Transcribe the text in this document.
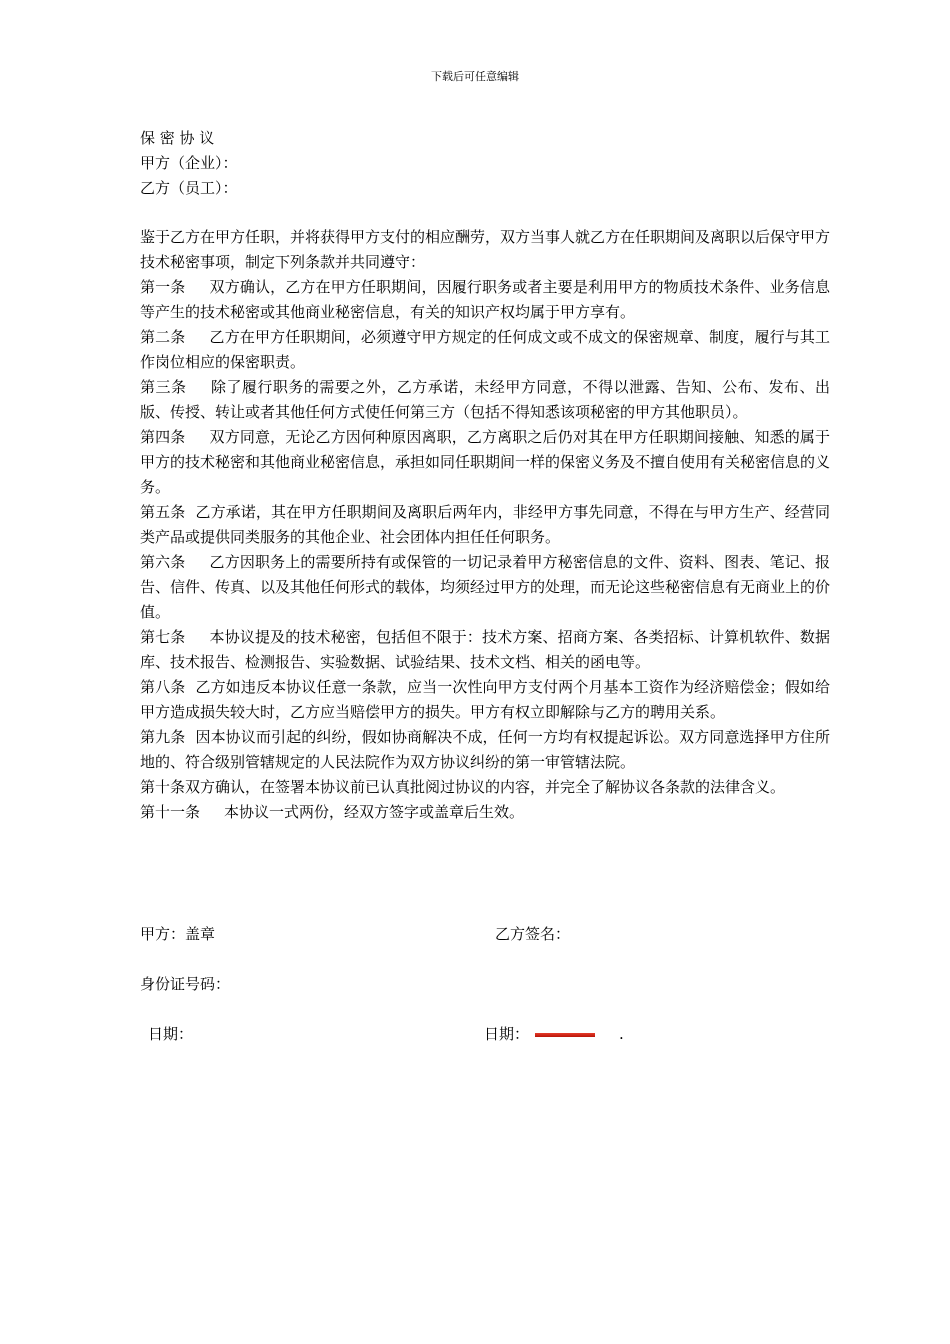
下载后可任意编辑
保 密 协 议
甲方（企业）：
乙方（员工）：
鉴于乙方在甲方任职，并将获得甲方支付的相应酬劳，双方当事人就乙方在任职期间及离职以后保守甲方技术秘密事项，制定下列条款并共同遵守：
第一条 双方确认，乙方在甲方任职期间，因履行职务或者主要是利用甲方的物质技术条件、业务信息等产生的技术秘密或其他商业秘密信息，有关的知识产权均属于甲方享有。
第二条 乙方在甲方任职期间，必须遵守甲方规定的任何成文或不成文的保密规章、制度，履行与其工作岗位相应的保密职责。
第三条 除了履行职务的需要之外，乙方承诺，未经甲方同意，不得以泄露、告知、公布、发布、出版、传授、转让或者其他任何方式使任何第三方（包括不得知悉该项秘密的甲方其他职员）。
第四条 双方同意，无论乙方因何种原因离职，乙方离职之后仍对其在甲方任职期间接触、知悉的属于甲方的技术秘密和其他商业秘密信息，承担如同任职期间一样的保密义务及不擅自使用有关秘密信息的义务。
第五条 乙方承诺，其在甲方任职期间及离职后两年内，非经甲方事先同意，不得在与甲方生产、经营同类产品或提供同类服务的其他企业、社会团体内担任任何职务。
第六条 乙方因职务上的需要所持有或保管的一切记录着甲方秘密信息的文件、资料、图表、笔记、报告、信件、传真、以及其他任何形式的载体，均须经过甲方的处理，而无论这些秘密信息有无商业上的价值。
第七条 本协议提及的技术秘密，包括但不限于：技术方案、招商方案、各类招标、计算机软件、数据库、技术报告、检测报告、实验数据、试验结果、技术文档、相关的函电等。
第八条 乙方如违反本协议任意一条款，应当一次性向甲方支付两个月基本工资作为经济赔偿金；假如给甲方造成损失较大时，乙方应当赔偿甲方的损失。甲方有权立即解除与乙方的聘用关系。
第九条 因本协议而引起的纠纷，假如协商解决不成，任何一方均有权提起诉讼。双方同意选择甲方住所地的、符合级别管辖规定的人民法院作为双方协议纠纷的第一审管辖法院。
第十条双方确认，在签署本协议前已认真批阅过协议的内容，并完全了解协议各条款的法律含义。
第十一条 本协议一式两份，经双方签字或盖章后生效。
甲方：盖章	乙方签名：
身份证号码：
日期：	日期：	.
